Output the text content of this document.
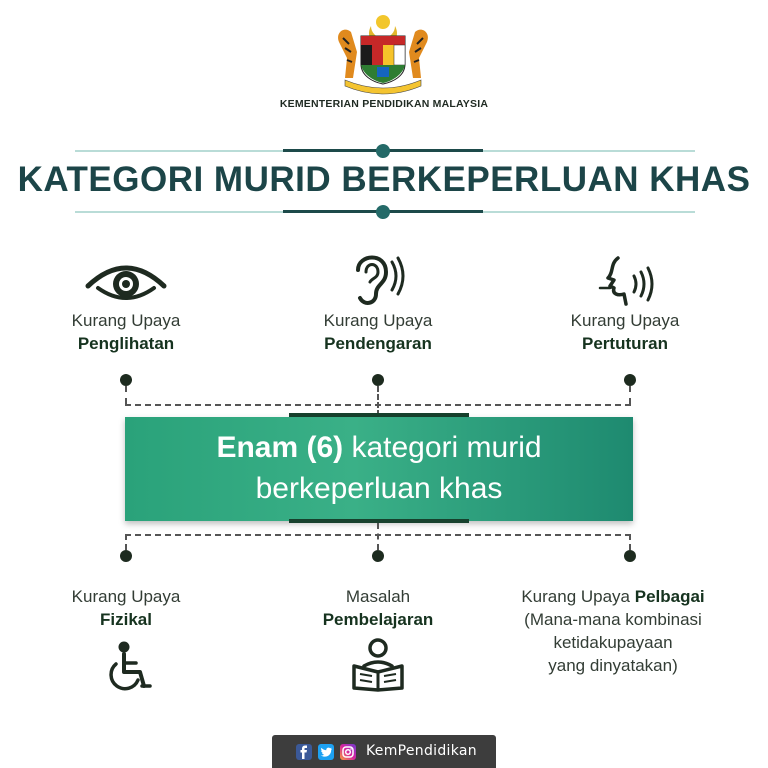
KEMENTERIAN PENDIDIKAN MALAYSIA
KATEGORI MURID BERKEPERLUAN KHAS
Kurang Upaya
Penglihatan
Kurang Upaya
Pendengaran
Kurang Upaya
Pertuturan
Enam (6) kategori murid
berkeperluan khas
Kurang Upaya
Fizikal
Masalah
Pembelajaran
Kurang Upaya Pelbagai
(Mana-mana kombinasi
ketidakupayaan
yang dinyatakan)
KemPendidikan
